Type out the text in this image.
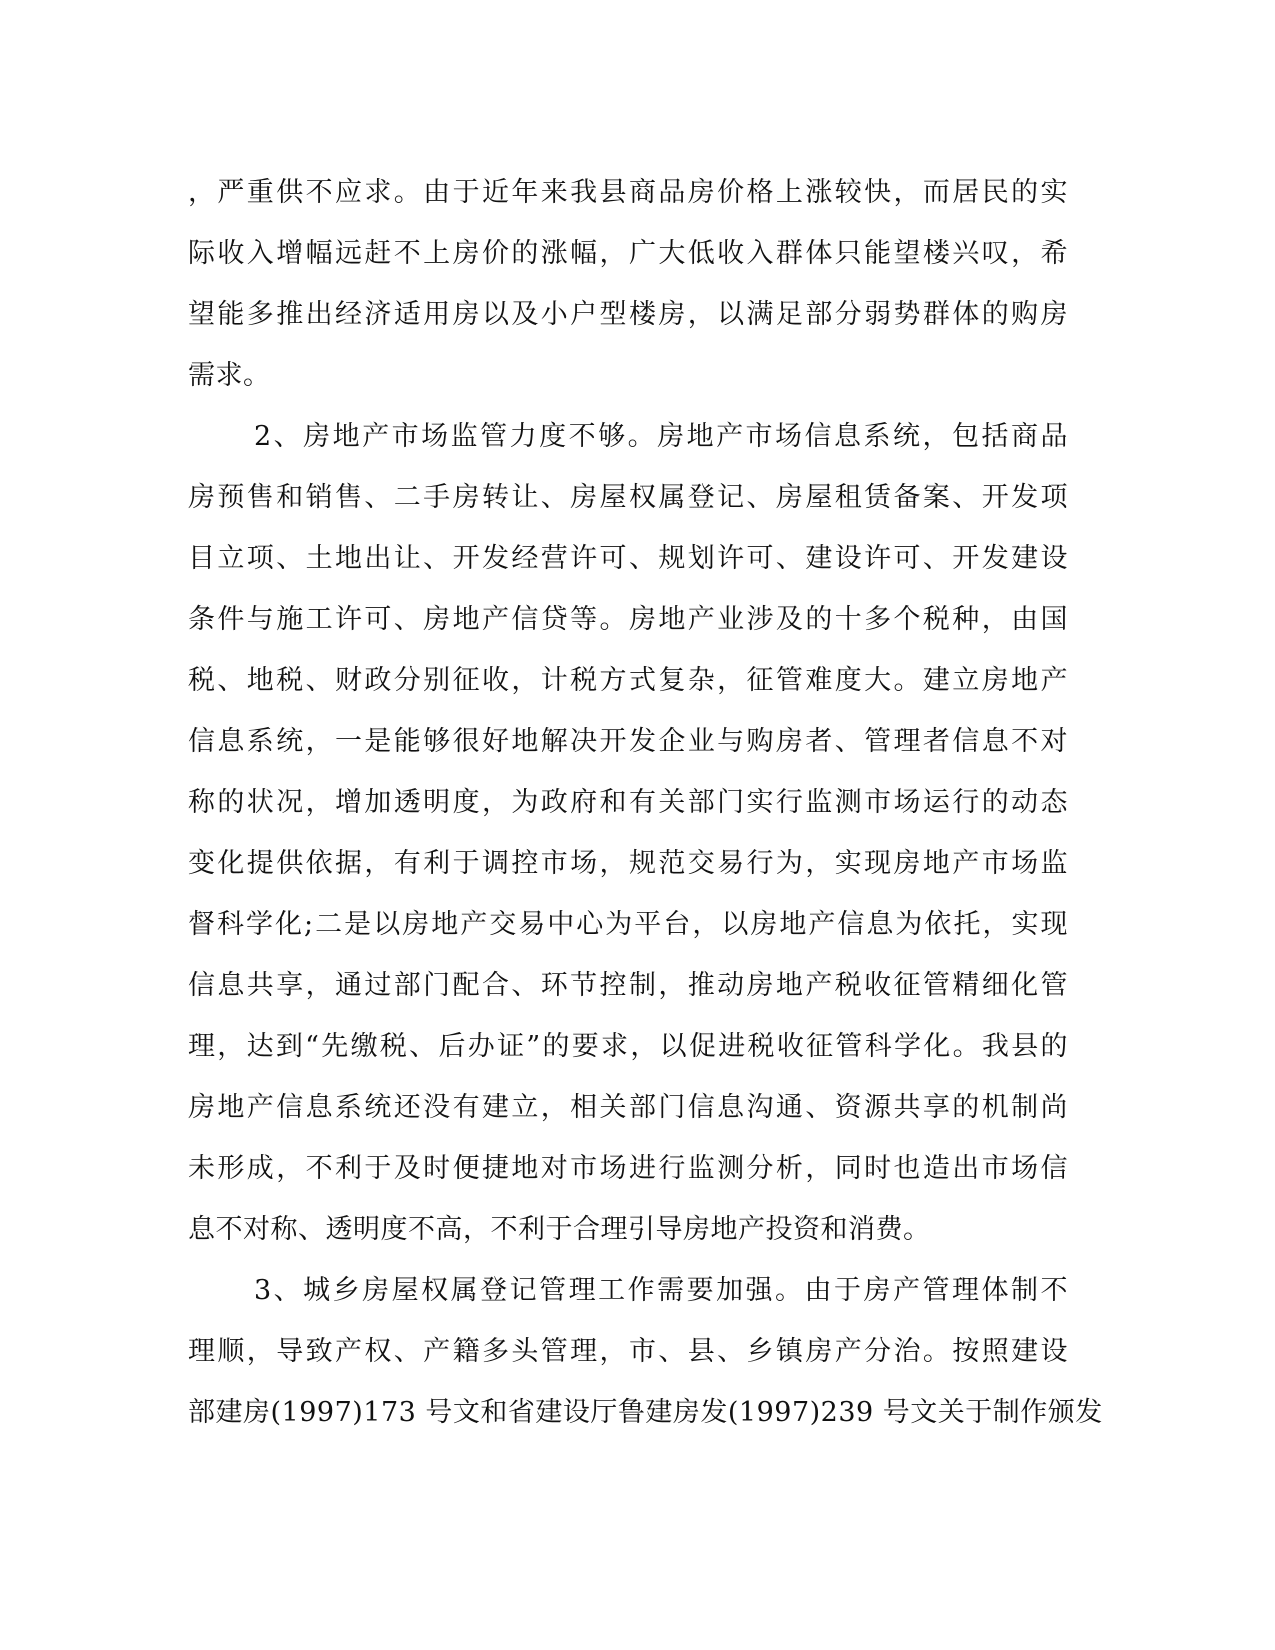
，严重供不应求。由于近年来我县商品房价格上涨较快，而居民的实
际收入增幅远赶不上房价的涨幅，广大低收入群体只能望楼兴叹，希
望能多推出经济适用房以及小户型楼房，以满足部分弱势群体的购房
需求。
2、房地产市场监管力度不够。房地产市场信息系统，包括商品
房预售和销售、二手房转让、房屋权属登记、房屋租赁备案、开发项
目立项、土地出让、开发经营许可、规划许可、建设许可、开发建设
条件与施工许可、房地产信贷等。房地产业涉及的十多个税种，由国
税、地税、财政分别征收，计税方式复杂，征管难度大。建立房地产
信息系统，一是能够很好地解决开发企业与购房者、管理者信息不对
称的状况，增加透明度，为政府和有关部门实行监测市场运行的动态
变化提供依据，有利于调控市场，规范交易行为，实现房地产市场监
督科学化;二是以房地产交易中心为平台，以房地产信息为依托，实现
信息共享，通过部门配合、环节控制，推动房地产税收征管精细化管
理，达到“先缴税、后办证”的要求，以促进税收征管科学化。我县的
房地产信息系统还没有建立，相关部门信息沟通、资源共享的机制尚
未形成，不利于及时便捷地对市场进行监测分析，同时也造出市场信
息不对称、透明度不高，不利于合理引导房地产投资和消费。
3、城乡房屋权属登记管理工作需要加强。由于房产管理体制不
理顺，导致产权、产籍多头管理，市、县、乡镇房产分治。按照建设
部建房(1997)173 号文和省建设厅鲁建房发(1997)239 号文关于制作颁发
